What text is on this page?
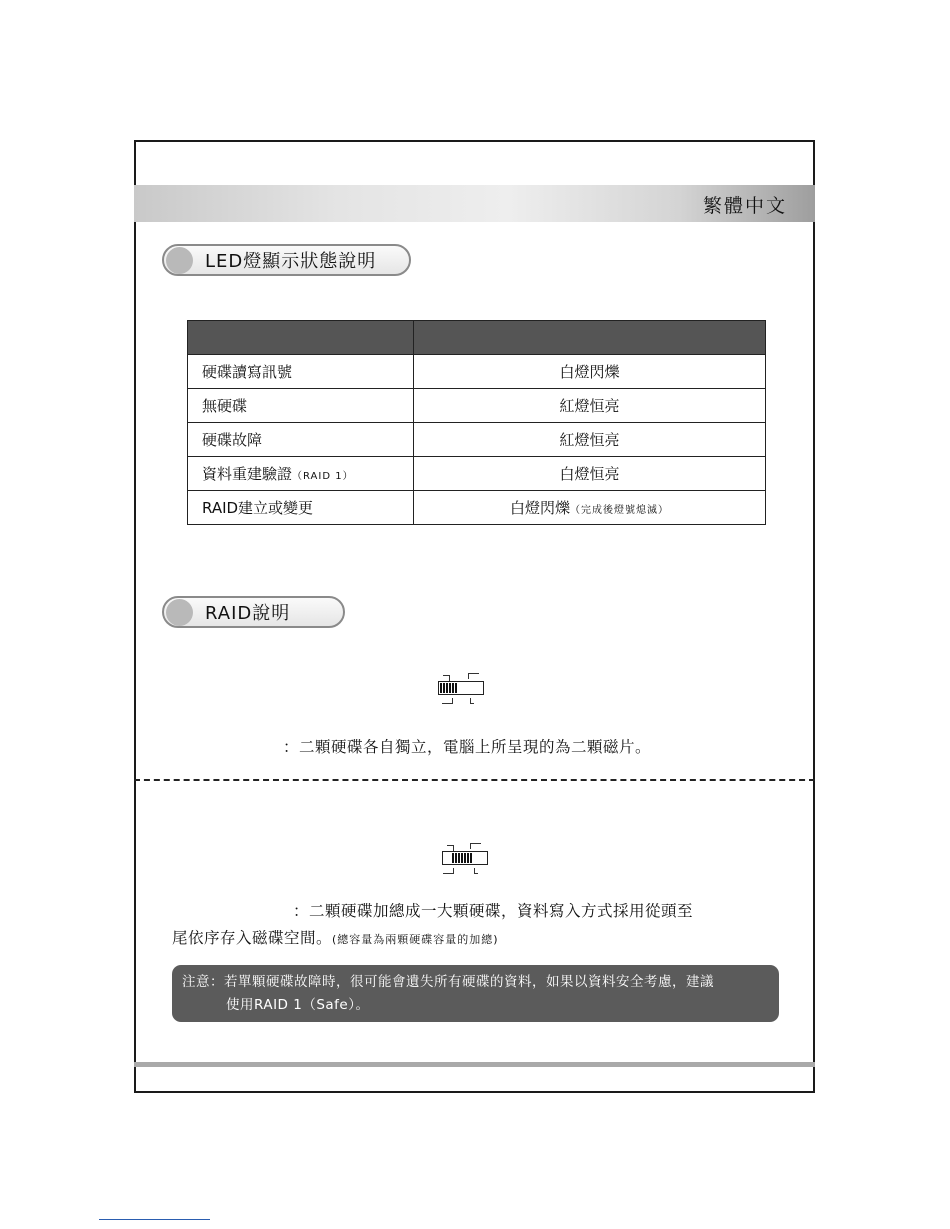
繁體中文
LED燈顯示狀態說明

硬碟讀寫訊號	白燈閃爍
無硬碟	紅燈恒亮
硬碟故障	紅燈恒亮
資料重建驗證（RAID 1）	白燈恒亮
RAID建立或變更	白燈閃爍（完成後燈號熄滅）
RAID說明
：二顆硬碟各自獨立，電腦上所呈現的為二顆磁片。
：二顆硬碟加總成一大顆硬碟，資料寫入方式採用從頭至
尾依序存入磁碟空間。(總容量為兩顆硬碟容量的加總)
注意：若單顆硬碟故障時，很可能會遺失所有硬碟的資料，如果以資料安全考慮，建議
使用RAID 1（Safe）。
